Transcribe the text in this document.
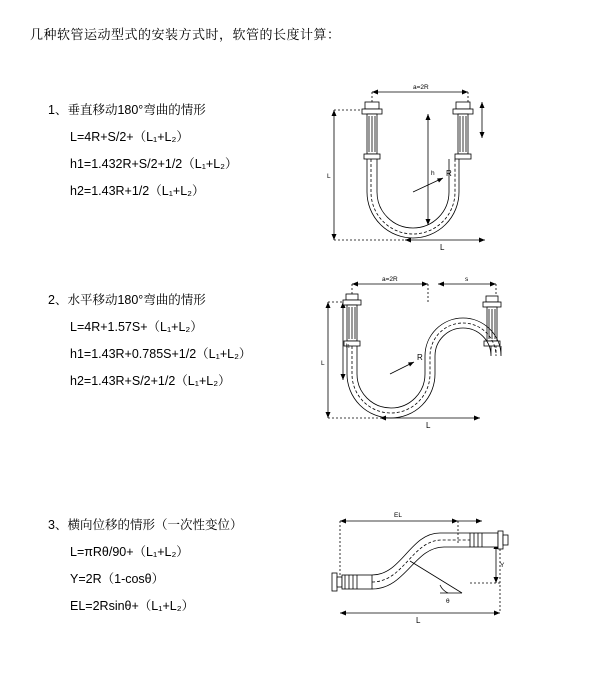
几种软管运动型式的安装方式时，软管的长度计算：
1、垂直移动180°弯曲的情形
L=4R+S/2+（L₁+L₂）
h1=1.432R+S/2+1/2（L₁+L₂）
h2=1.43R+1/2（L₁+L₂）
a=2R
L	R
L
h
2、水平移动180°弯曲的情形
L=4R+1.57S+（L₁+L₂）
h1=1.43R+0.785S+1/2（L₁+L₂）
h2=1.43R+S/2+1/2（L₁+L₂）
a=2R	s
L
R
L
h
3、横向位移的情形（一次性变位）
L=πRθ/90+（L₁+L₂）
Y=2R（1-cosθ）
EL=2Rsinθ+（L₁+L₂）
EL
Y
L
θ
